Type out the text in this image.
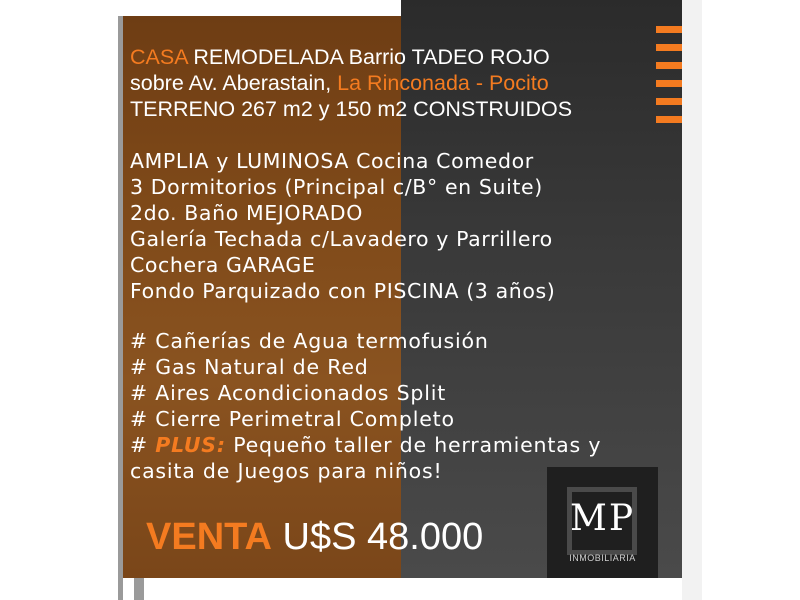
CASA REMODELADA Barrio TADEO ROJO
sobre Av. Aberastain, La Rinconada - Pocito
TERRENO 267 m2 y 150 m2 CONSTRUIDOS
AMPLIA y LUMINOSA Cocina Comedor
3 Dormitorios (Principal c/B° en Suite)
2do. Baño MEJORADO
Galería Techada c/Lavadero y Parrillero
Cochera GARAGE
Fondo Parquizado con PISCINA (3 años)
# Cañerías de Agua termofusión
# Gas Natural de Red
# Aires Acondicionados Split
# Cierre Perimetral Completo
# PLUS: Pequeño taller de herramientas y
casita de Juegos para niños!
VENTA U$S 48.000	MP
INMOBILIARIA
